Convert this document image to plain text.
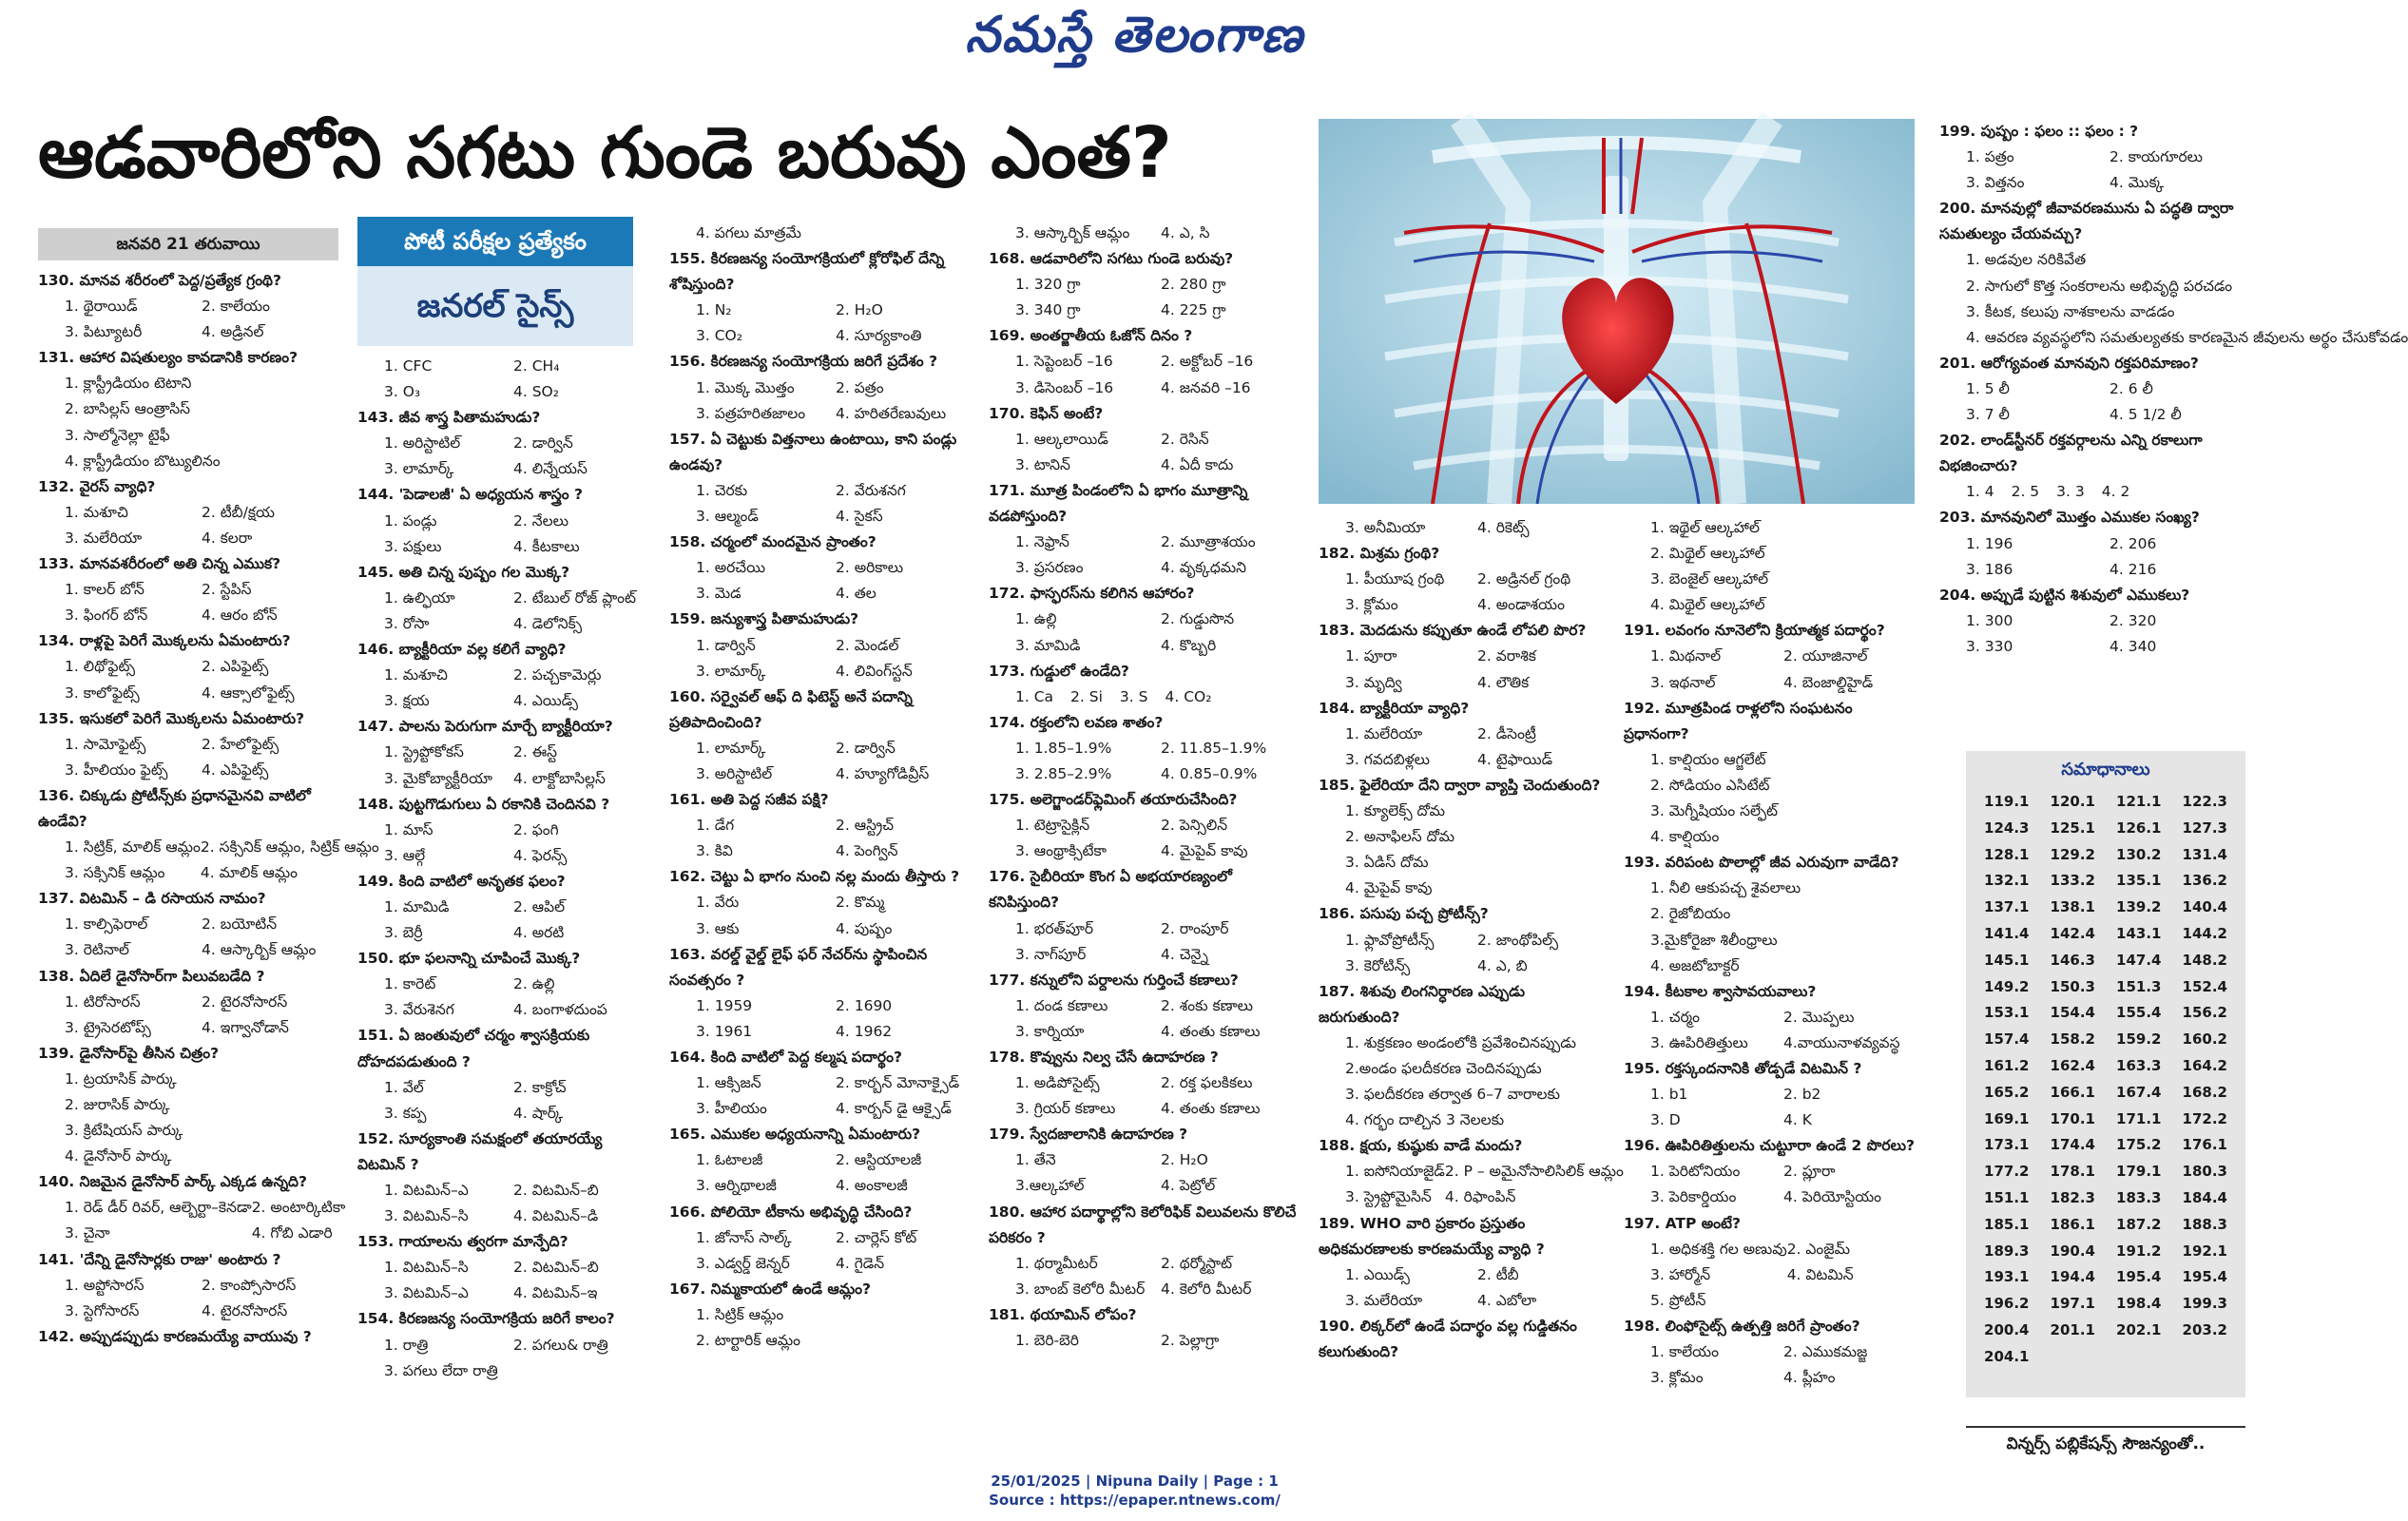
నమస్తే తెలంగాణ
ఆడవారిలోని సగటు గుండె బరువు ఎంత?
జనవరి 21 తరువాయి
130. మానవ శరీరంలో పెద్ద/ప్రత్యేక గ్రంథి?
1. థైరాయిడ్	2. కాలేయం
3. పిట్యూటరీ	4. అడ్రినల్
131. ఆహార విషతుల్యం కావడానికి కారణం?
1. క్లాస్ట్రీడియం టెటాని
2. బాసిల్లస్ ఆంత్రాసిస్
3. సాల్మోనెల్లా టైఫీ
4. క్లాస్ట్రీడియం బొట్యులినం
132. వైరస్ వ్యాధి?
1. మశూచి	2. టీబీ/క్షయ
3. మలేరియా	4. కలరా
133. మానవశరీరంలో అతి చిన్న ఎముక?
1. కాలర్ బోన్	2. స్టేపిస్
3. ఫింగర్ బోన్	4. ఆరం బోన్
134. రాళ్లపై పెరిగే మొక్కలను ఏమంటారు?
1. లిథోఫైట్స్	2. ఎపిఫైట్స్
3. కాలోఫైట్స్	4. ఆక్సాలోఫైట్స్
135. ఇసుకలో పెరిగే మొక్కలను ఏమంటారు?
1. సామోఫైట్స్	2. హేలోఫైట్స్
3. హీలియం ఫైట్స్	4. ఎపిఫైట్స్
136. చిక్కుడు ప్రోటీన్స్‌కు ప్రధానమైనవి వాటిలో ఉండేవి?
1. సిట్రిక్, మాలిక్ ఆమ్లం 2. సక్సినిక్ ఆమ్లం, సిట్రిక్ ఆమ్లం
3. సక్సినిక్ ఆమ్లం	4. మాలిక్ ఆమ్లం
137. విటమిన్ – డి రసాయన నామం?
1. కాల్సిఫెరాల్	2. బయోటిన్
3. రెటినాల్	4. ఆస్కార్బిక్ ఆమ్లం
138. ఏదిలే డైనోసార్‌గా పిలువబడేది ?
1. టిరోసారస్	2. టైరనోసారస్
3. ట్రైసెరటోప్స్	4. ఇగ్వానోడాన్
139. డైనోసార్‌పై తీసిన చిత్రం?
1. ట్రయాసిక్ పార్కు
2. జురాసిక్ పార్కు
3. క్రిటేషియస్ పార్కు
4. డైనోసార్ పార్కు
140. నిజమైన డైనోసార్ పార్క్ ఎక్కడ ఉన్నది?
1. రెడ్ డీర్ రివర్, ఆల్బెర్టా–కెనడా 2. అంటార్కిటికా
3. చైనా	4. గోబి ఎడారి
141. 'దేన్ని డైనోసార్లకు రాజు' అంటారు ?
1. అప్టోసారస్	2. కాంప్సోసారస్
3. స్టెగోసారస్	4. టైరనోసారస్
142. అప్పుడప్పుడు కారణమయ్యే వాయువు ?
పోటీ పరీక్షల ప్రత్యేకం
జనరల్ సైన్స్
1. CFC	2. CH₄
3. O₃	4. SO₂
143. జీవ శాస్త్ర పితామహుడు?
1. అరిస్టాటిల్	2. డార్విన్
3. లామార్క్	4. లిన్నేయస్
144. 'పెడాలజీ' ఏ అధ్యయన శాస్త్రం ?
1. పండ్లు	2. నేలలు
3. పక్షులు	4. కీటకాలు
145. అతి చిన్న పుష్పం గల మొక్క?
1. ఉల్ఫియా	2. టేబుల్ రోజ్ ప్లాంట్
3. రోసా	4. డెలోనిక్స్
146. బ్యాక్టీరియా వల్ల కలిగే వ్యాధి?
1. మశూచి	2. పచ్చకామెర్లు
3. క్షయ	4. ఎయిడ్స్
147. పాలను పెరుగుగా మార్చే బ్యాక్టీరియా?
1. స్ట్రెప్టోకోకస్	2. ఈస్ట్
3. మైకోబ్యాక్టీరియా	4. లాక్టోబాసిల్లస్
148. పుట్టగొడుగులు ఏ రకానికి చెందినవి ?
1. మాస్	2. ఫంగి
3. ఆల్గే	4. ఫెరన్స్
149. కింది వాటిలో అనృతక ఫలం?
1. మామిడి	2. ఆపిల్
3. బెర్రీ	4. అరటి
150. భూ ఫలనాన్ని చూపించే మొక్క?
1. కారెట్	2. ఉల్లి
3. వేరుశెనగ	4. బంగాళదుంప
151. ఏ జంతువులో చర్మం శ్వాసక్రియకు దోహదపడుతుంది ?
1. వేల్	2. కాక్రోచ్
3. కప్ప	4. షార్క్
152. సూర్యకాంతి సమక్షంలో తయారయ్యే విటమిన్ ?
1. విటమిన్–ఎ	2. విటమిన్–బి
3. విటమిన్–సి	4. విటమిన్–డి
153. గాయాలను త్వరగా మాన్పేది?
1. విటమిన్–సి	2. విటమిన్–బి
3. విటమిన్–ఎ	4. విటమిన్–ఇ
154. కిరణజన్య సంయోగక్రియ జరిగే కాలం?
1. రాత్రి	2. పగలు& రాత్రి
3. పగలు లేదా రాత్రి
4. పగలు మాత్రమే
155. కిరణజన్య సంయోగక్రియలో క్లోరోఫిల్ దేన్ని శోషిస్తుంది?
1. N₂	2. H₂O
3. CO₂	4. సూర్యకాంతి
156. కిరణజన్య సంయోగక్రియ జరిగే ప్రదేశం ?
1. మొక్క మొత్తం	2. పత్రం
3. పత్రహరితజాలం	4. హరితరేణువులు
157. ఏ చెట్టుకు విత్తనాలు ఉంటాయి, కాని పండ్లు ఉండవు?
1. చెరకు	2. వేరుశనగ
3. ఆల్మండ్	4. సైకస్
158. చర్మంలో మందమైన ప్రాంతం?
1. అరచేయి	2. అరికాలు
3. మెడ	4. తల
159. జన్యుశాస్త్ర పితామహుడు?
1. డార్విన్	2. మెండల్
3. లామార్క్	4. లివింగ్‌స్టన్
160. సర్వైవల్ ఆఫ్ ది ఫిటెస్ట్ అనే పదాన్ని ప్రతిపాదించింది?
1. లామార్క్	2. డార్విన్
3. అరిస్టాటిల్	4. హ్యూగోడివ్రీస్
161. అతి పెద్ద సజీవ పక్షి?
1. డేగ	2. ఆస్ట్రిచ్
3. కివి	4. పెంగ్విన్
162. చెట్టు ఏ భాగం నుంచి నల్ల మందు తీస్తారు ?
1. వేరు	2. కొమ్మ
3. ఆకు	4. పుష్పం
163. వరల్డ్ వైల్డ్ లైఫ్ ఫర్ నేచర్‌ను స్థాపించిన సంవత్సరం ?
1. 1959	2. 1690
3. 1961	4. 1962
164. కింది వాటిలో పెద్ద కల్మష పదార్థం?
1. ఆక్సిజన్	2. కార్బన్ మోనాక్సైడ్
3. హీలియం	4. కార్బన్ డై ఆక్సైడ్
165. ఎముకల అధ్యయనాన్ని ఏమంటారు?
1. ఓటాలజీ	2. ఆస్టియాలజీ
3. ఆర్నిథాలజీ	4. అంకాలజీ
166. పోలియో టీకాను అభివృద్ధి చేసింది?
1. జోనాస్ సాల్క్	2. చార్లెస్ కోట్
3. ఎడ్వర్డ్ జెన్నర్	4. గైడెన్
167. నిమ్మకాయలో ఉండే ఆమ్లం?
1. సిట్రిక్ ఆమ్లం
2. టార్టారిక్ ఆమ్లం
3. ఆస్కార్బిక్ ఆమ్లం	4. ఎ, సి
168. ఆడవారిలోని సగటు గుండె బరువు?
1. 320 గ్రా	2. 280 గ్రా
3. 340 గ్రా	4. 225 గ్రా
169. అంతర్జాతీయ ఓజోన్ దినం ?
1. సెప్టెంబర్ –16	2. అక్టోబర్ –16
3. డిసెంబర్ –16	4. జనవరి –16
170. కెఫిన్ అంటే?
1. ఆల్కలాయిడ్	2. రెసిన్
3. టానిన్	4. ఏదీ కాదు
171. మూత్ర పిండంలోని ఏ భాగం మూత్రాన్ని వడపోస్తుంది?
1. నెఫ్రాన్	2. మూత్రాశయం
3. ప్రసరణం	4. వృక్కధమని
172. ఫాస్ఫరస్‌ను కలిగిన ఆహారం?
1. ఉల్లి	2. గుడ్డుసొన
3. మామిడి	4. కొబ్బరి
173. గుడ్డులో ఉండేది?
1. Ca 2. Si 3. S 4. CO₂
174. రక్తంలోని లవణ శాతం?
1. 1.85–1.9%	2. 11.85–1.9%
3. 2.85–2.9%	4. 0.85–0.9%
175. అలెగ్జాండర్‌ఫ్లెమింగ్ తయారుచేసింది?
1. టెట్రాసైక్లిన్	2. పెన్సిలిన్
3. ఆంథ్రాక్సిటేకా	4. మైపైవ్ కావు
176. సైబీరియా కొంగ ఏ అభయారణ్యంలో కనిపిస్తుంది?
1. భరత్‌పూర్	2. రాంపూర్
3. నాగ్‌పూర్	4. చెన్నై
177. కన్నులోని పర్దాలను గుర్తించే కణాలు?
1. దండ కణాలు	2. శంకు కణాలు
3. కార్నియా	4. తంతు కణాలు
178. కొవ్వును నిల్వ చేసే ఉదాహరణ ?
1. అడిపోసైట్స్	2. రక్త ఫలకికలు
3. గ్రియర్ కణాలు	4. తంతు కణాలు
179. స్వేదజాలానికి ఉదాహరణ ?
1. తేనె	2. H₂O
3.ఆల్కహాల్	4. పెట్రోల్
180. ఆహార పదార్థాల్లోని కెలోరిఫిక్ విలువలను కొలిచే పరికరం ?
1. థర్మామీటర్	2. థర్మోస్టాట్
3. బాంబ్ కెలోరి మీటర్	4. కెలోరి మీటర్
181. థయామిన్ లోపం?
1. బెరి-బెరి	2. పెల్లాగ్రా
3. అనీమియా	4. రికెట్స్
182. మిశ్రమ గ్రంథి?
1. పీయూష గ్రంథి	2. అడ్రినల్ గ్రంథి
3. క్లోమం	4. అండాశయం
183. మెదడును కప్పుతూ ఉండే లోపలి పొర?
1. పూరా	2. వరాశిక
3. మృద్వి	4. లౌతిక
184. బ్యాక్టీరియా వ్యాధి?
1. మలేరియా	2. డీసెంట్రీ
3. గవదబిళ్లలు	4. టైఫాయిడ్
185. ఫైలేరియా దేని ద్వారా వ్యాప్తి చెందుతుంది?
1. క్యూలెక్స్ దోమ
2. అనాఫిలస్ దోమ
3. ఏడిస్ దోమ
4. మైపైవ్ కావు
186. పసుపు పచ్చ ప్రోటీన్స్?
1. ఫ్లావోప్రోటీన్స్	2. జాంథోపిల్స్
3. కెరోటిన్స్	4. ఎ, బి
187. శిశువు లింగనిర్ధారణ ఎప్పుడు జరుగుతుంది?
1. శుక్రకణం అండంలోకి ప్రవేశించినప్పుడు
2.అండం ఫలదీకరణ చెందినప్పుడు
3. ఫలదీకరణ తర్వాత 6–7 వారాలకు
4. గర్భం దాల్చిన 3 నెలలకు
188. క్షయ, కుష్ఠుకు వాడే మందు?
1. ఐసోనియాజైడ్ 2. P – అమైనోసాలిసిలిక్ ఆమ్లం
3. స్ట్రెప్టోమైసిన్ 4. రిఫాంపిన్
189. WHO వారి ప్రకారం ప్రస్తుతం అధికమరణాలకు కారణమయ్యే వ్యాధి ?
1. ఎయిడ్స్	2. టీబీ
3. మలేరియా	4. ఎబోలా
190. లిక్కర్‌లో ఉండే పదార్థం వల్ల గుడ్డితనం కలుగుతుంది?
1. ఇథైల్ ఆల్కహాల్
2. మిథైల్ ఆల్కహాల్
3. బెంజైల్ ఆల్కహాల్
4. మిథైల్ ఆల్కహాల్
191. లవంగం నూనెలోని క్రియాత్మక పదార్థం?
1. మిథనాల్	2. యూజినాల్
3. ఇథనాల్	4. బెంజాల్డిహైడ్
192. మూత్రపిండ రాళ్లలోని సంఘటనం ప్రధానంగా?
1. కాల్షియం ఆగ్జలేట్
2. సోడియం ఎసిటేట్
3. మెగ్నీషియం సల్ఫేట్
4. కాల్షియం
193. వరిపంట పొలాల్లో జీవ ఎరువుగా వాడేది?
1. నీలి ఆకుపచ్చ శైవలాలు
2. రైజోబియం
3.మైకోరైజా శిలీంధ్రాలు
4. అజటోబాక్టర్
194. కీటకాల శ్వాసావయవాలు?
1. చర్మం	2. మొప్పలు
3. ఊపిరితిత్తులు	4.వాయునాళవ్యవస్థ
195. రక్తస్కందనానికి తోడ్పడే విటమిన్ ?
1. b1	2. b2
3. D	4. K
196. ఊపిరితిత్తులను చుట్టూరా ఉండే 2 పొరలు?
1. పెరిటోనియం	2. ప్లూరా
3. పెరికార్డియం	4. పెరియోస్టియం
197. ATP అంటే?
1. అధికశక్తి గల అణువు 2. ఎంజైమ్
3. హార్మోన్	4. విటమిన్
5. ప్రోటీన్
198. లింఫోసైట్స్ ఉత్పత్తి జరిగే ప్రాంతం?
1. కాలేయం	2. ఎముకమజ్జ
3. క్లోమం	4. ప్లీహం
199. పుష్పం : ఫలం :: ఫలం : ?
1. పత్రం	2. కాయగూరలు
3. విత్తనం	4. మొక్క
200. మానవుల్లో జీవావరణమును ఏ పద్ధతి ద్వారా సమతుల్యం చేయవచ్చు?
1. అడవుల నరికివేత
2. సాగులో కొత్త సంకరాలను అభివృద్ధి పరచడం
3. కీటక, కలుపు నాశకాలను వాడడం
4. ఆవరణ వ్యవస్థలోని సమతుల్యతకు కారణమైన జీవులను అర్థం చేసుకోవడం
201. ఆరోగ్యవంత మానవుని రక్తపరిమాణం?
1. 5 లీ	2. 6 లీ
3. 7 లీ	4. 5 1/2 లీ
202. లాండ్‌స్టీనర్ రక్తవర్గాలను ఎన్ని రకాలుగా విభజించారు?
1. 4 2. 5 3. 3 4. 2
203. మానవునిలో మొత్తం ఎముకల సంఖ్య?
1. 196	2. 206
3. 186	4. 216
204. అప్పుడే పుట్టిన శిశువులో ఎముకలు?
1. 300	2. 320
3. 330	4. 340
సమాధానాలు
119.1	120.1	121.1	122.3
124.3	125.1	126.1	127.3
128.1	129.2	130.2	131.4
132.1	133.2	135.1	136.2
137.1	138.1	139.2	140.4
141.4	142.4	143.1	144.2
145.1	146.3	147.4	148.2
149.2	150.3	151.3	152.4
153.1	154.4	155.4	156.2
157.4	158.2	159.2	160.2
161.2	162.4	163.3	164.2
165.2	166.1	167.4	168.2
169.1	170.1	171.1	172.2
173.1	174.4	175.2	176.1
177.2	178.1	179.1	180.3
151.1	182.3	183.3	184.4
185.1	186.1	187.2	188.3
189.3	190.4	191.2	192.1
193.1	194.4	195.4	195.4
196.2	197.1	198.4	199.3
200.4	201.1	202.1	203.2
204.1
విన్నర్స్ పబ్లికేషన్స్ సౌజన్యంతో..
25/01/2025 | Nipuna Daily | Page : 1
Source : https://epaper.ntnews.com/
